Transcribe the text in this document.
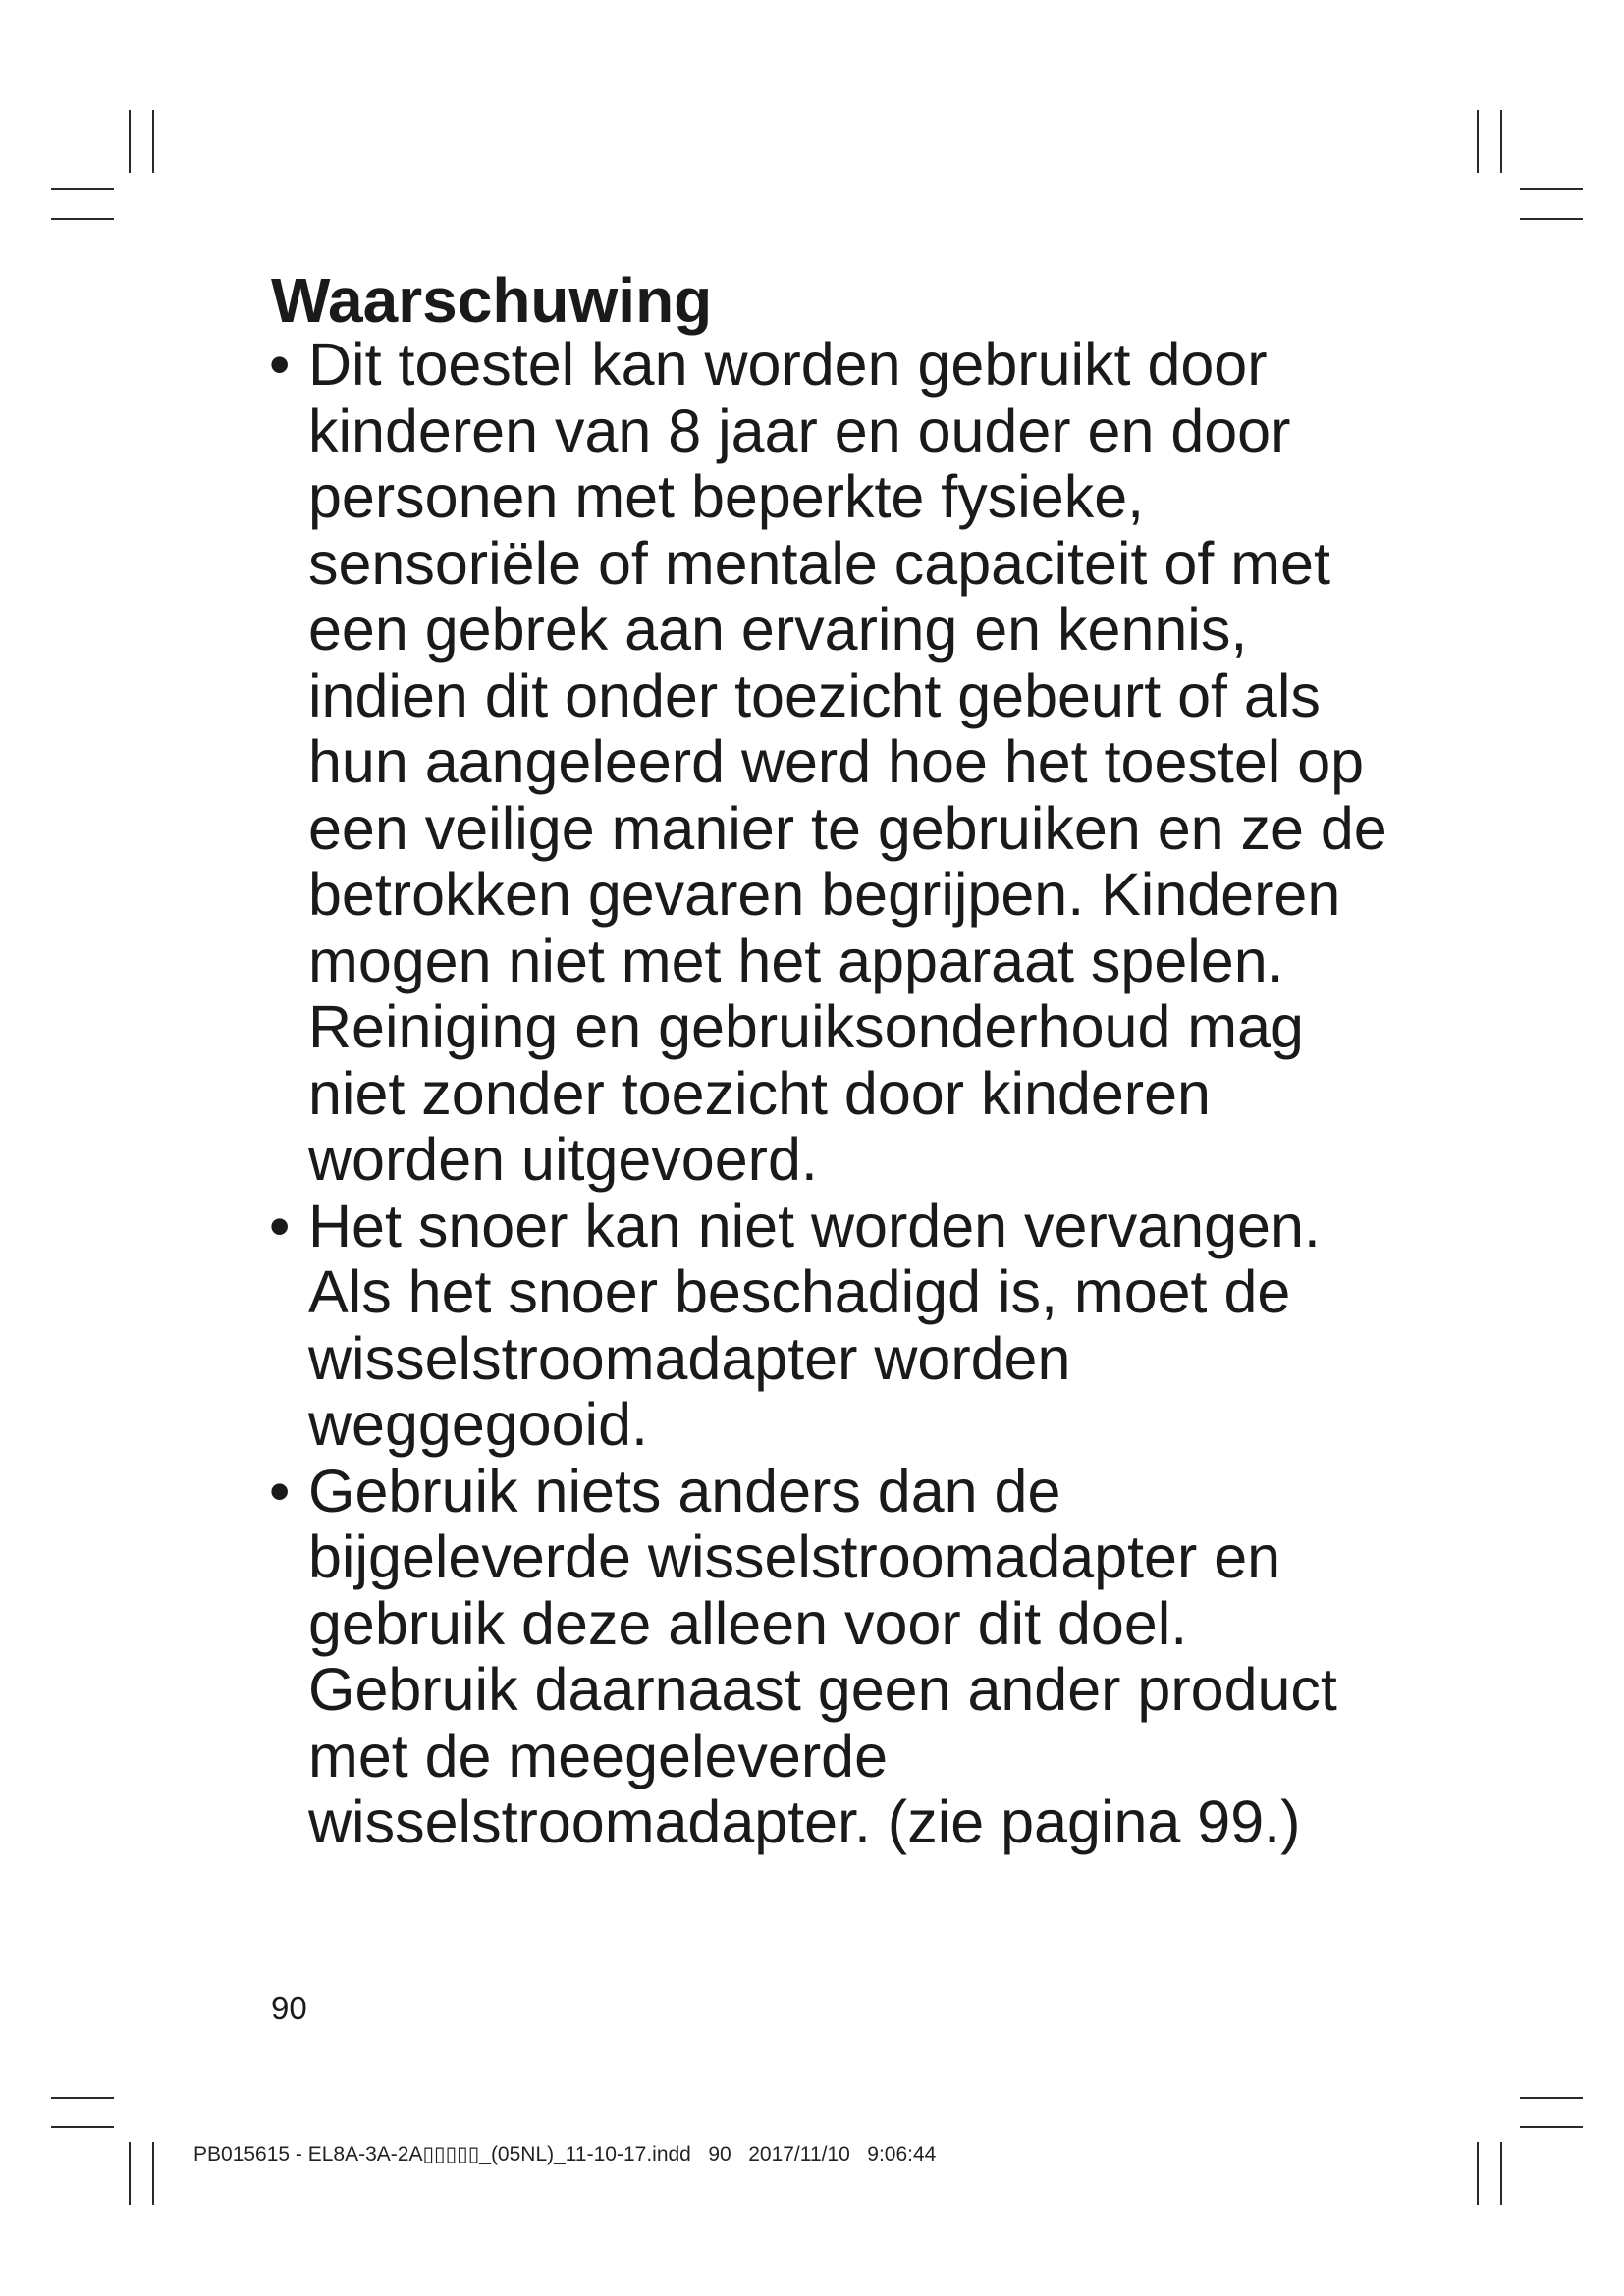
Waarschuwing
• Dit toestel kan worden gebruikt door kinderen van 8 jaar en ouder en door personen met beperkte fysieke, sensoriële of mentale capaciteit of met een gebrek aan ervaring en kennis, indien dit onder toezicht gebeurt of als hun aangeleerd werd hoe het toestel op een veilige manier te gebruiken en ze de betrokken gevaren begrijpen. Kinderen mogen niet met het apparaat spelen. Reiniging en gebruiksonderhoud mag niet zonder toezicht door kinderen worden uitgevoerd.
• Het snoer kan niet worden vervangen. Als het snoer beschadigd is, moet de wisselstroomadapter worden weggegooid.
• Gebruik niets anders dan de bijgeleverde wisselstroomadapter en gebruik deze alleen voor dit doel. Gebruik daarnaast geen ander product met de meegeleverde wisselstroomadapter. (zie pagina 99.)
90
PB015615 - EL8A-3A-2A▯▯▯▯▯_(05NL)_11-10-17.indd   90   2017/11/10   9:06:44
